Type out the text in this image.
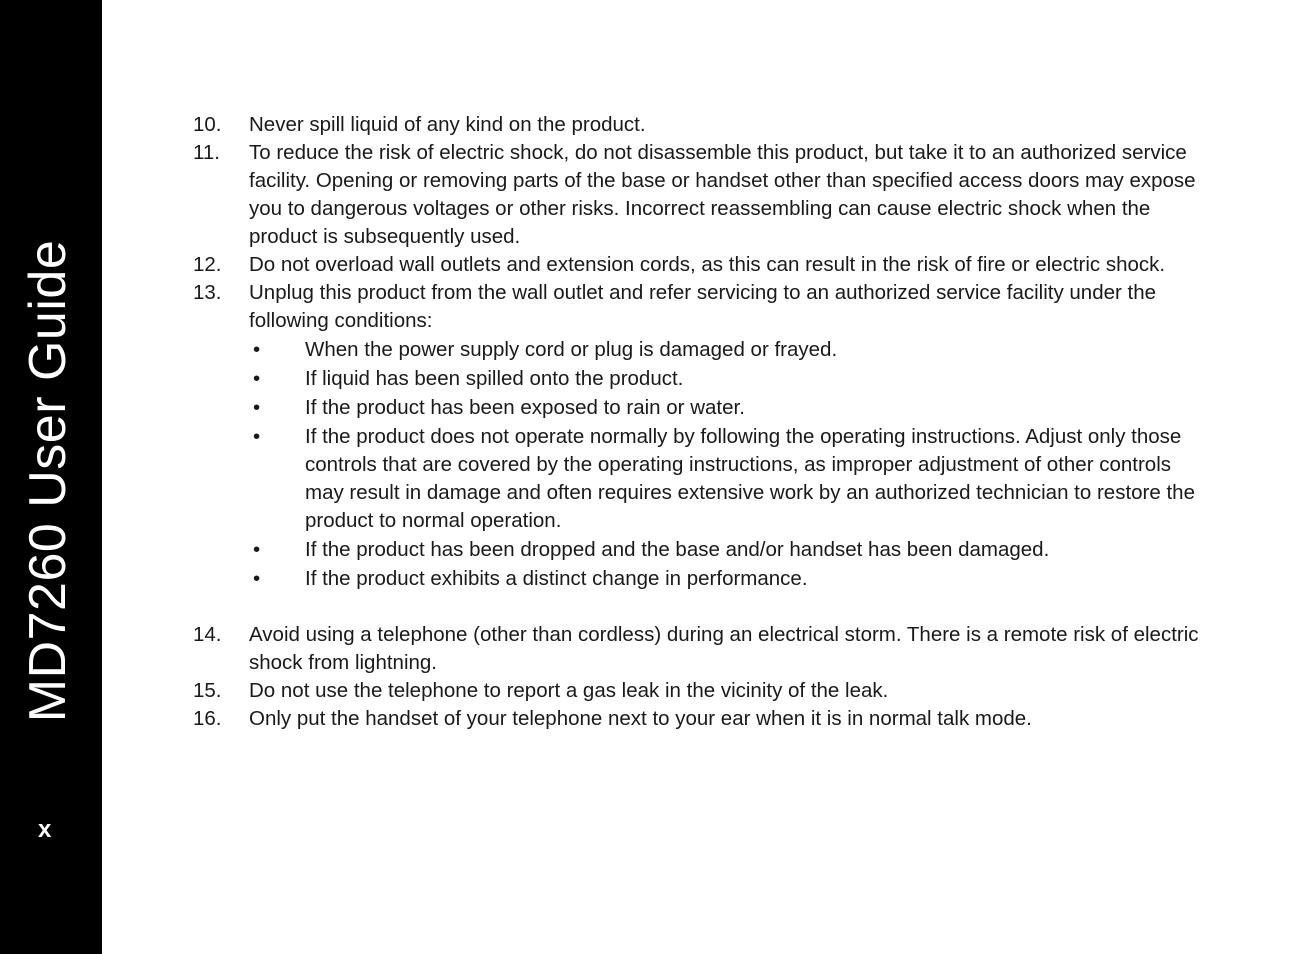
MD7260 User Guide
x
10. Never spill liquid of any kind on the product.
11. To reduce the risk of electric shock, do not disassemble this product, but take it to an authorized service facility. Opening or removing parts of the base or handset other than specified access doors may expose you to dangerous voltages or other risks. Incorrect reassembling can cause electric shock when the product is subsequently used.
12. Do not overload wall outlets and extension cords, as this can result in the risk of fire or electric shock.
13. Unplug this product from the wall outlet and refer servicing to an authorized service facility under the following conditions:
• When the power supply cord or plug is damaged or frayed.
• If liquid has been spilled onto the product.
• If the product has been exposed to rain or water.
• If the product does not operate normally by following the operating instructions. Adjust only those controls that are covered by the operating instructions, as improper adjustment of other controls may result in damage and often requires extensive work by an authorized technician to restore the product to normal operation.
• If the product has been dropped and the base and/or handset has been damaged.
• If the product exhibits a distinct change in performance.
14. Avoid using a telephone (other than cordless) during an electrical storm. There is a remote risk of electric shock from lightning.
15. Do not use the telephone to report a gas leak in the vicinity of the leak.
16. Only put the handset of your telephone next to your ear when it is in normal talk mode.
